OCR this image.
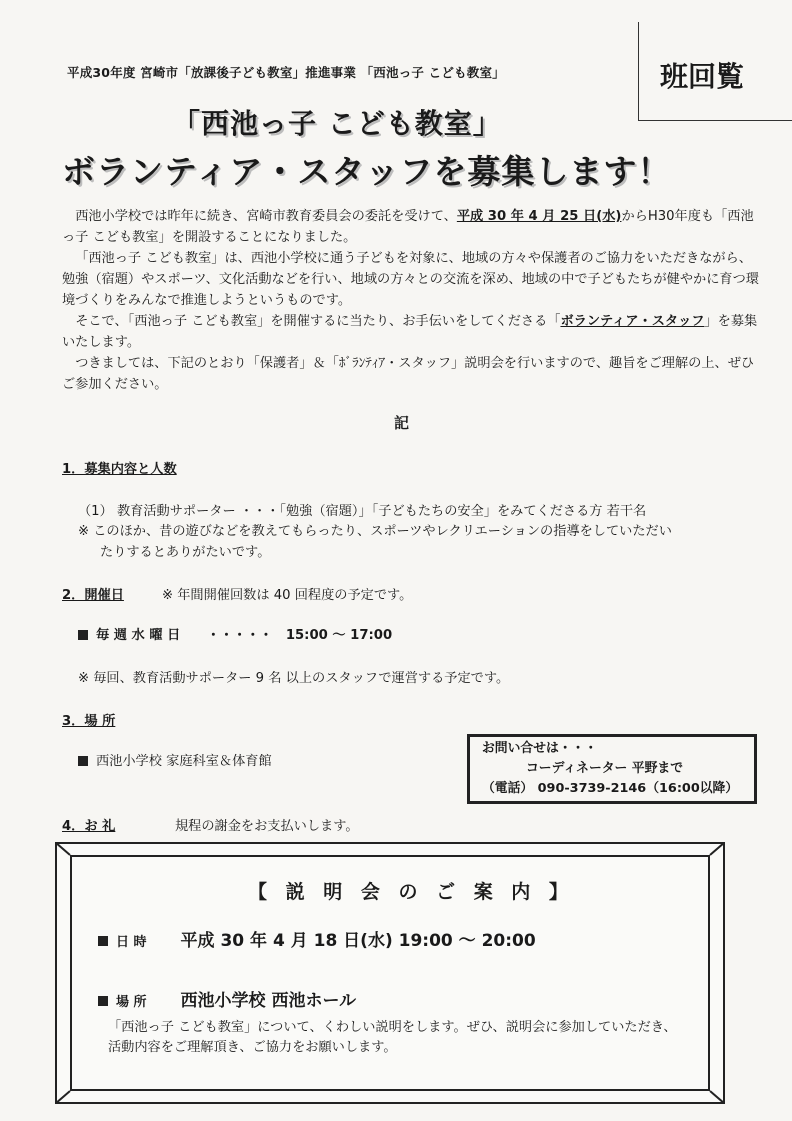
平成30年度 宮崎市「放課後子ども教室」推進事業 「西池っ子 こども教室」	班回覧
「西池っ子 こども教室」
ボランティア・スタッフを募集します！

 西池小学校では昨年に続き、宮崎市教育委員会の委託を受けて、平成 30 年 4 月 25 日(水)からH30年度も「西池っ子 こども教室」を開設することになりました。

 「西池っ子 こども教室」は、西池小学校に通う子どもを対象に、地域の方々や保護者のご協力をいただきながら、勉強（宿題）やスポーツ、文化活動などを行い、地域の方々との交流を深め、地域の中で子どもたちが健やかに育つ環境づくりをみんなで推進しようというものです。

 そこで、「西池っ子 こども教室」を開催するに当たり、お手伝いをしてくださる「ボランティア・スタッフ」を募集いたします。

 つきましては、下記のとおり「保護者」＆「ﾎﾞﾗﾝﾃｨｱ・スタッフ」説明会を行いますので、趣旨をご理解の上、ぜひご参加ください。

記
1．募集内容と人数
（1） 教育活動サポーター ・・・「勉強（宿題）」「子どもたちの安全」をみてくださる方 若干名
※ このほか、昔の遊びなどを教えてもらったり、スポーツやレクリエーションの指導をしていただい
たりするとありがたいです。
2．開催日	※ 年間開催回数は 40 回程度の予定です。
毎 週 水 曜 日   ・・・・・  15:00 ～ 17:00
※ 毎回、教育活動サポーター 9 名 以上のスタッフで運営する予定です。
3．場 所
西池小学校 家庭科室＆体育館
お問い合せは・・・
コーディネーター 平野まで
（電話） 090-3739-2146（16:00以降）
4．お 礼	規程の謝金をお支払いします。
【 説 明 会 の ご 案 内 】
日 時   平成 30 年 4 月 18 日(水) 19:00 ～ 20:00
場 所   西池小学校 西池ホール
「西池っ子 こども教室」について、くわしい説明をします。ぜひ、説明会に参加していただき、活動内容をご理解頂き、ご協力をお願いします。
